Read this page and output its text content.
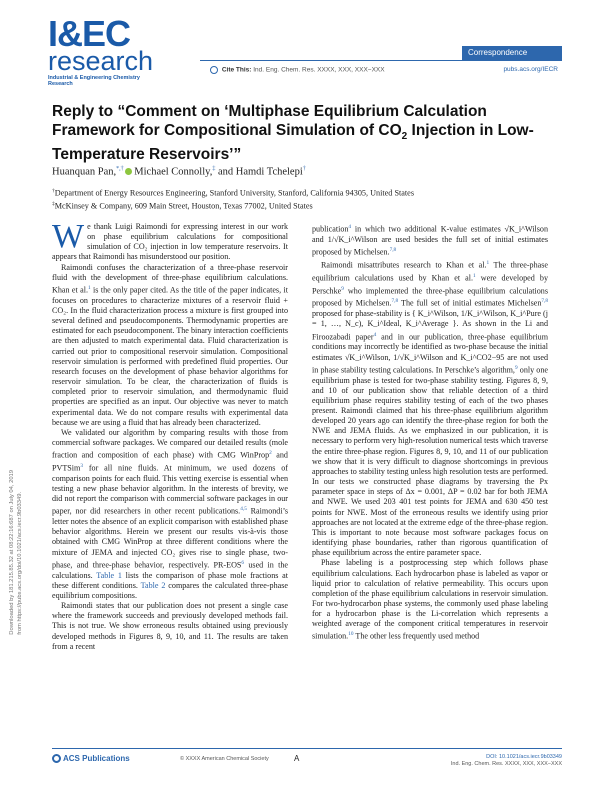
I&EC
research
Industrial & Engineering Chemistry Research
Correspondence
Cite This: Ind. Eng. Chem. Res. XXXX, XXX, XXX−XXX	pubs.acs.org/IECR
Downloaded by 181.215.85.32 at 08:22:16:687 on July 04, 2019 from https://pubs.acs.org/doi/10.1021/acs.iecr.9b03349.
Reply to “Comment on ‘Multiphase Equilibrium Calculation Framework for Compositional Simulation of $CO_2$ Injection in Low-Temperature Reservoirs’”
Huanquan Pan,*,† Michael Connolly,‡ and Hamdi Tchelepi†
†Department of Energy Resources Engineering, Stanford University, Stanford, California 94305, United States
‡McKinsey & Company, 609 Main Street, Houston, Texas 77002, United States

We thank Luigi Raimondi for expressing interest in our work on phase equilibrium calculations for compositional simulation of CO₂ injection in low temperature reservoirs. It appears that Raimondi has misunderstood our position.

Raimondi confuses the characterization of a three-phase reservoir fluid with the development of three-phase equilibrium calculations. Khan et al.$^1$ is the only paper cited. As the title of the paper indicates, it focuses on procedures to characterize mixtures of a reservoir fluid + CO₂. In the fluid characterization process a mixture is first grouped into several defined and pseudocomponents. Thermodynamic properties are estimated for each pseudocomponent. The binary interaction coefficients are then adjusted to match experimental data. Fluid characterization is carried out prior to compositional reservoir simulation. Compositional reservoir simulation is performed with predefined fluid properties. Our research focuses on the development of phase behavior algorithms for reservoir simulation. To be clear, the characterization of fluids is completed prior to reservoir simulation, and thermodynamic fluid properties are specified as an input. Our objective was never to match experimental data. We do not compare results with experimental data because we are using a fluid that has already been characterized.

We validated our algorithm by comparing results with those from commercial software packages. We compared our detailed results (mole fraction and composition of each phase) with CMG WinProp$^2$ and PVTSim$^3$ for all nine fluids. At minimum, we used dozens of comparison points for each fluid. This vetting exercise is essential when testing a new phase behavior algorithm. In the interests of brevity, we did not report the comparison with commercial software packages in our paper, nor did researchers in other recent publications.$^{4,5}$ Raimondi’s letter notes the absence of an explicit comparison with established phase behavior algorithms. Herein we present our results vis-à-vis those obtained with CMG WinProp at three different conditions where the mixture of JEMA and injected CO₂ gives rise to single phase, two-phase, and three-phase behavior, respectively. PR-EOS$^6$ used in the calculations. Table 1 lists the comparison of phase mole fractions at these different conditions. Table 2 compares the calculated three-phase equilibrium compositions.

Raimondi states that our publication does not present a single case where the framework succeeds and previously developed methods fail. This is not true. We show erroneous results obtained using previously developed methods in Figures 8, 9, 10, and 11. The results are taken from a recent

publication$^4$ in which two additional K-value estimates √K_i^Wilson and 1/√K_i^Wilson are used besides the full set of initial estimates proposed by Michelsen.$^{7,8}$

Raimondi misattributes research to Khan et al.$^1$ The three-phase equilibrium calculations used by Khan et al.$^1$ were developed by Perschke$^9$ who implemented the three-phase equilibrium calculations proposed by Michelsen.$^{7,8}$ The full set of initial estimates Michelsen$^{7,8}$ proposed for phase-stability is { K_i^Wilson, 1/K_i^Wilson, K_i^Pure (j = 1, …, N_c), K_i^Ideal, K_i^Average }. As shown in the Li and Firoozabadi paper$^4$ and in our publication, three-phase equilibrium conditions may incorrectly be identified as two-phase because the initial estimates √K_i^Wilson, 1/√K_i^Wilson and K_i^CO2−95 are not used in phase stability testing calculations. In Perschke’s algorithm,$^9$ only one equilibrium phase is tested for two-phase stability testing. Figures 8, 9, and 10 of our publication show that reliable detection of a third equilibrium phase requires stability testing of each of the two phases present. Raimondi claimed that his three-phase equilibrium algorithm developed 20 years ago can identify the three-phase region for both the NWE and JEMA fluids. As we emphasized in our publication, it is necessary to perform very high-resolution numerical tests which traverse the entire three-phase region. Figures 8, 9, 10, and 11 of our publication we show that it is very difficult to diagnose shortcomings in previous approaches to stability testing unless high resolution tests are performed. In our tests we constructed phase diagrams by traversing the Px parameter space in steps of Δx = 0.001, ΔP = 0.02 bar for both JEMA and NWE. We used 203 401 test points for JEMA and 630 450 test points for NWE. Most of the erroneous results we identify using prior approaches are not located at the extreme edge of the three-phase region. This is important to note because most software packages focus on identifying phase boundaries, rather than rigorous quantification of phase equilibrium across the entire parameter space.

Phase labeling is a postprocessing step which follows phase equilibrium calculations. Each hydrocarbon phase is labeled as vapor or liquid prior to calculation of relative permeability. This occurs upon completion of the phase equilibrium calculations in reservoir simulation. For two-hydrocarbon phase systems, the commonly used phase labeling for a hydrocarbon phase is the Li-correlation which represents a weighted average of the component critical temperatures in reservoir simulation.$^{10}$ The other less frequently used method

ACS Publications	© XXXX American Chemical Society	A	DOI: 10.1021/acs.iecr.9b03349
Ind. Eng. Chem. Res. XXXX, XXX, XXX−XXX
